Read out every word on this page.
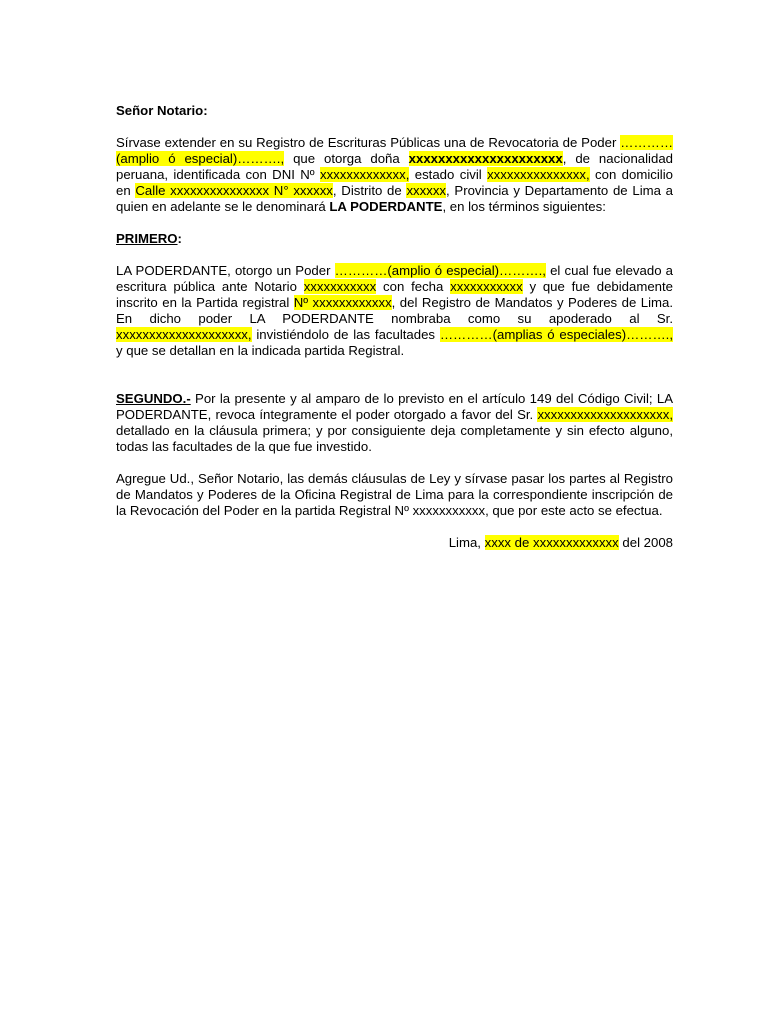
Señor Notario:

Sírvase extender en su Registro de Escrituras Públicas una de Revocatoria de Poder …………(amplio ó especial)………., que otorga doña xxxxxxxxxxxxxxxxxxxxx, de nacionalidad peruana, identificada con DNI Nº xxxxxxxxxxxxx, estado civil xxxxxxxxxxxxxxx, con domicilio en Calle xxxxxxxxxxxxxxx N° xxxxxx, Distrito de xxxxxx, Provincia y Departamento de Lima a quien en adelante se le denominará LA PODERDANTE, en los términos siguientes:

PRIMERO:

LA PODERDANTE, otorgo un Poder …………(amplio ó especial)………., el cual fue elevado a escritura pública ante Notario xxxxxxxxxxx con fecha xxxxxxxxxxx y que fue debidamente inscrito en la Partida registral Nº xxxxxxxxxxxx, del Registro de Mandatos y Poderes de Lima. En dicho poder LA PODERDANTE nombraba como su apoderado al Sr. xxxxxxxxxxxxxxxxxxxx, invistiéndolo de las facultades …………(amplias ó especiales)………., y que se detallan en la indicada partida Registral.

SEGUNDO.- Por la presente y al amparo de lo previsto en el artículo 149 del Código Civil; LA PODERDANTE, revoca íntegramente el poder otorgado a favor del Sr. xxxxxxxxxxxxxxxxxxxx, detallado en la cláusula primera; y por consiguiente deja completamente y sin efecto alguno, todas las facultades de la que fue investido.

Agregue Ud., Señor Notario, las demás cláusulas de Ley y sírvase pasar los partes al Registro de Mandatos y Poderes de la Oficina Registral de Lima para la correspondiente inscripción de la Revocación del Poder en la partida Registral Nº xxxxxxxxxxx, que por este acto se efectua.

Lima, xxxx de xxxxxxxxxxxxx del 2008
